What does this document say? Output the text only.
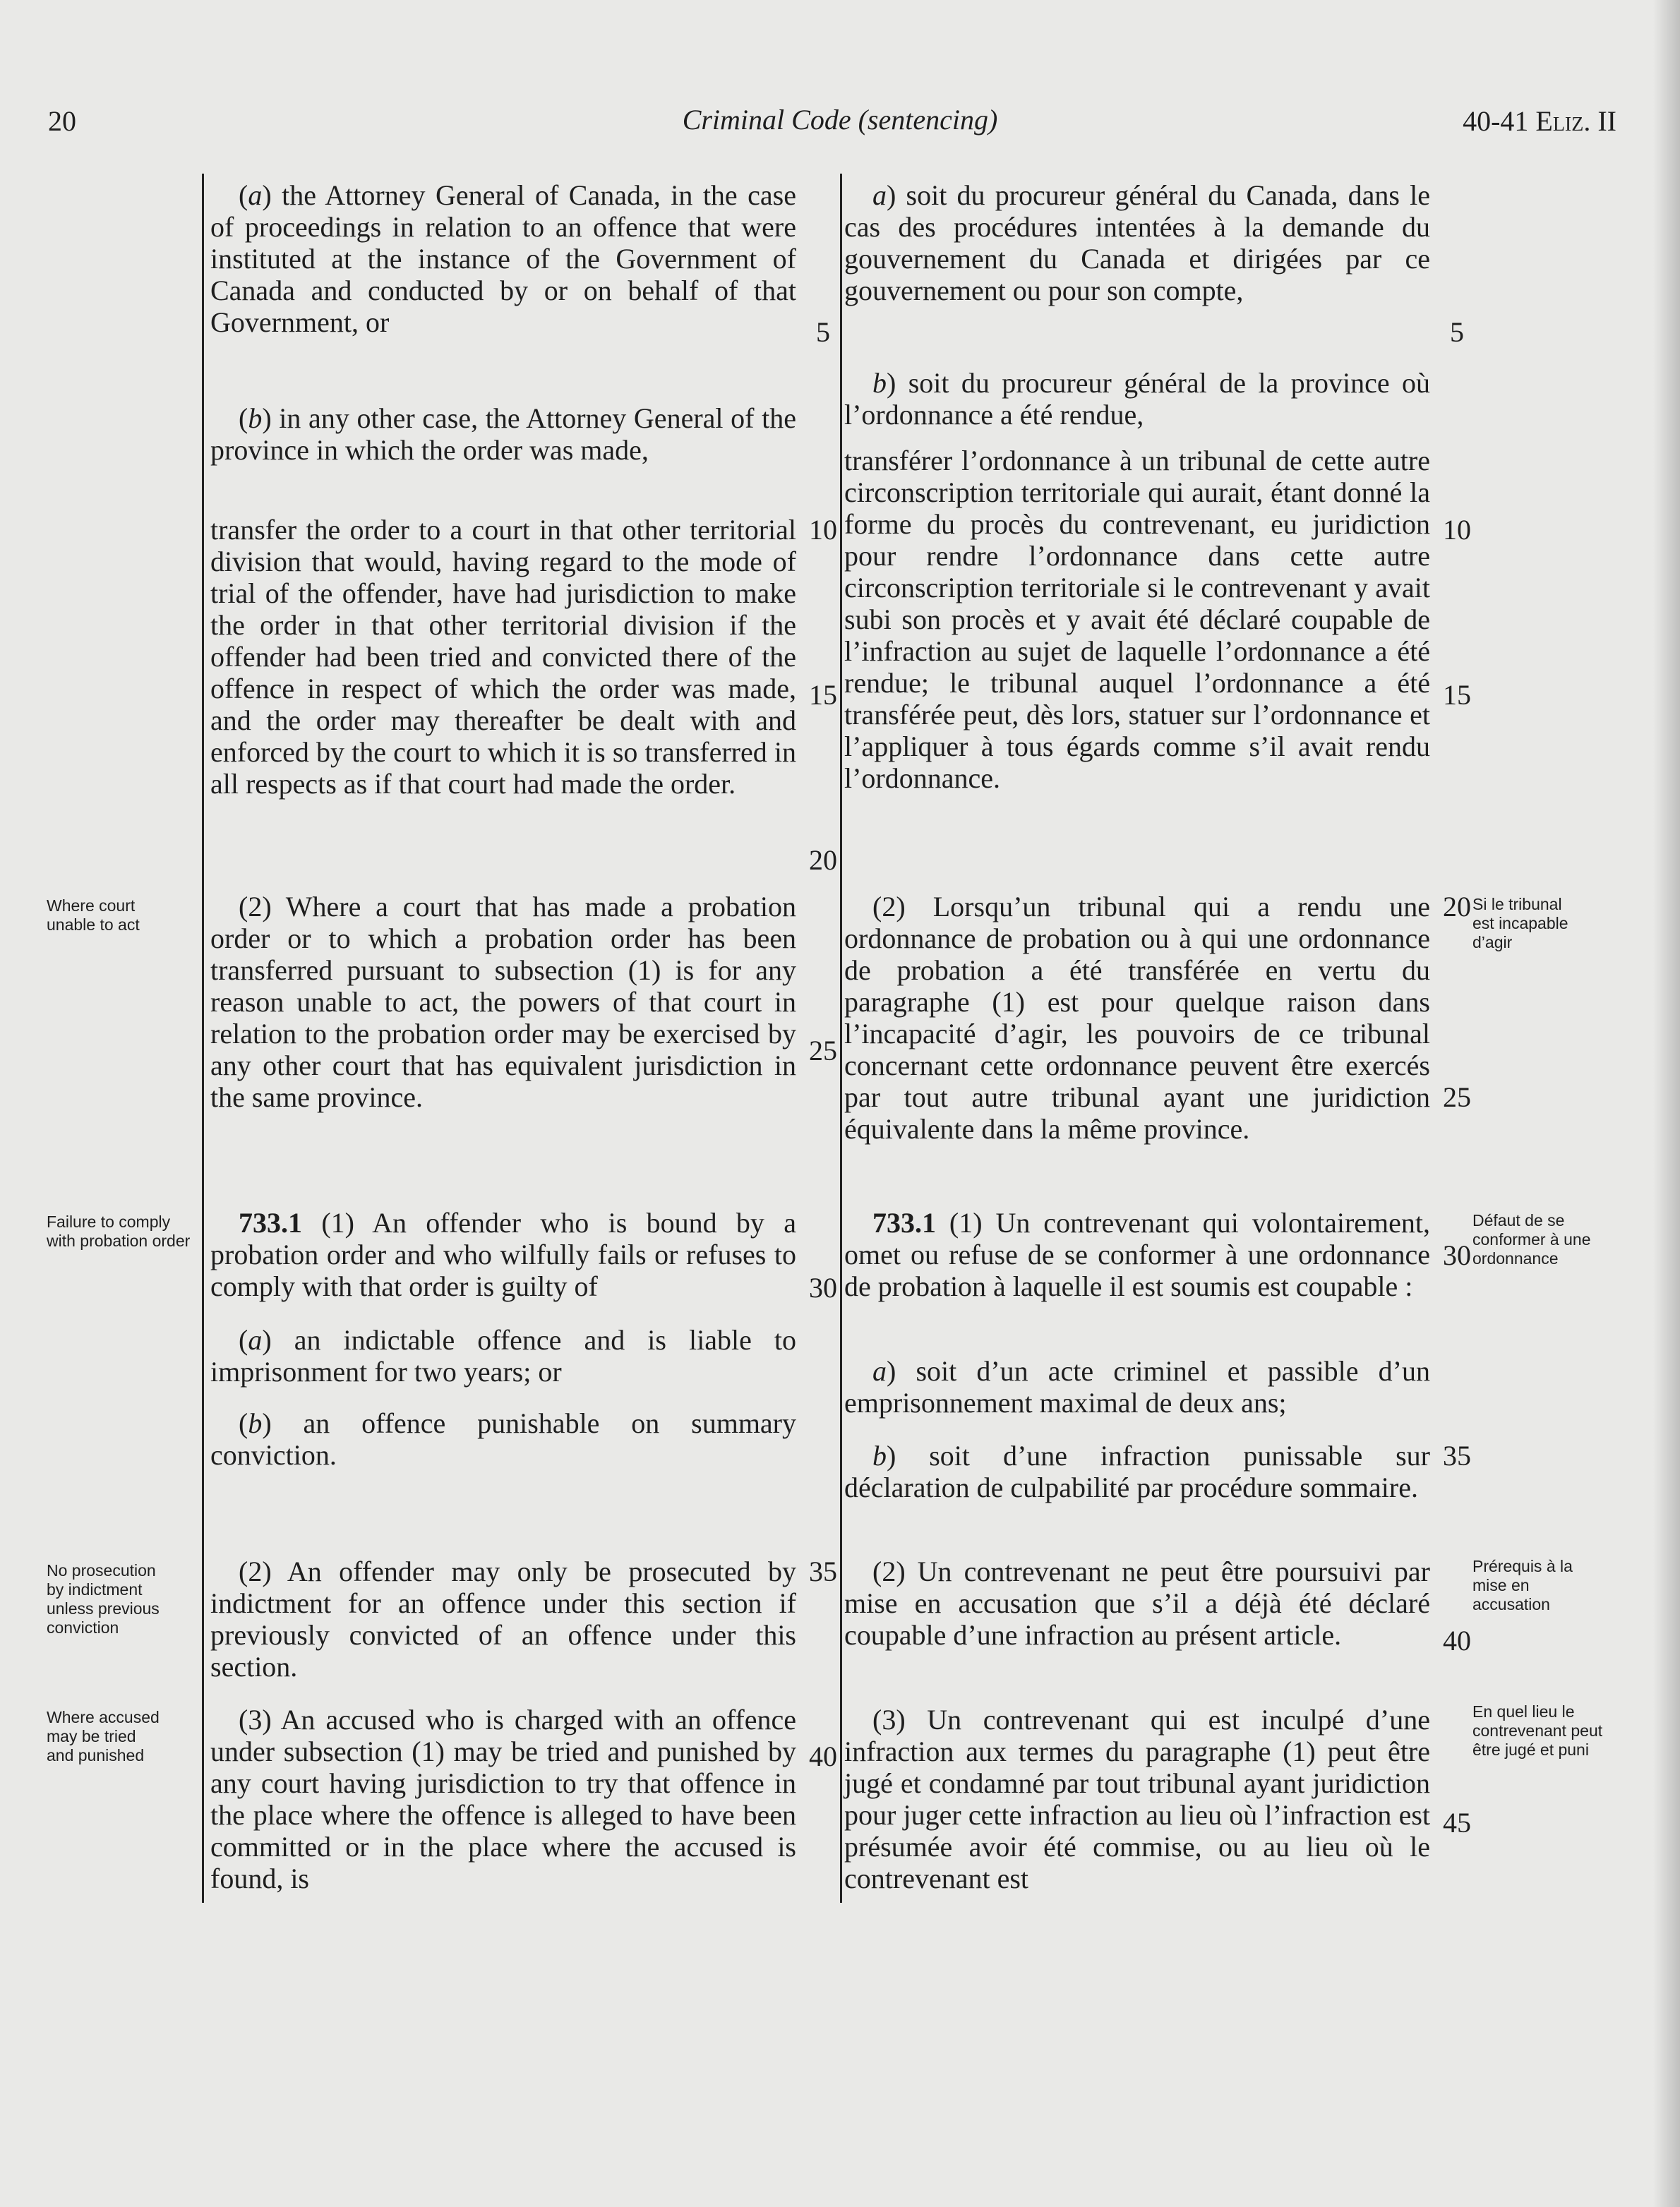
20	Criminal Code (sentencing)	40-41 Eliz. II

(a) the Attorney General of Canada, in the case of proceedings in relation to an offence that were instituted at the instance of the Government of Canada and conducted by or on behalf of that Government, or

(b) in any other case, the Attorney General of the province in which the order was made,

transfer the order to a court in that other territorial division that would, having regard to the mode of trial of the offender, have had jurisdiction to make the order in that other territorial division if the offender had been tried and convicted there of the offence in respect of which the order was made, and the order may thereafter be dealt with and enforced by the court to which it is so transferred in all respects as if that court had made the order.

(2) Where a court that has made a probation order or to which a probation order has been transferred pursuant to subsection (1) is for any reason unable to act, the powers of that court in relation to the probation order may be exercised by any other court that has equivalent jurisdiction in the same province.

733.1 (1) An offender who is bound by a probation order and who wilfully fails or refuses to comply with that order is guilty of

(a) an indictable offence and is liable to imprisonment for two years; or

(b) an offence punishable on summary conviction.

(2) An offender may only be prosecuted by indictment for an offence under this section if previously convicted of an offence under this section.

(3) An accused who is charged with an offence under subsection (1) may be tried and punished by any court having jurisdiction to try that offence in the place where the offence is alleged to have been committed or in the place where the accused is found, is

5
10
15
20
25
30
35
40

a) soit du procureur général du Canada, dans le cas des procédures intentées à la demande du gouvernement du Canada et dirigées par ce gouvernement ou pour son compte,

b) soit du procureur général de la province où l’ordonnance a été rendue,

transférer l’ordonnance à un tribunal de cette autre circonscription territoriale qui aurait, étant donné la forme du procès du contrevenant, eu juridiction pour rendre l’ordonnance dans cette autre circonscription territoriale si le contrevenant y avait subi son procès et y avait été déclaré coupable de l’infraction au sujet de laquelle l’ordonnance a été rendue; le tribunal auquel l’ordonnance a été transférée peut, dès lors, statuer sur l’ordonnance et l’appliquer à tous égards comme s’il avait rendu l’ordonnance.

(2) Lorsqu’un tribunal qui a rendu une ordonnance de probation ou à qui une ordonnance de probation a été transférée en vertu du paragraphe (1) est pour quelque raison dans l’incapacité d’agir, les pouvoirs de ce tribunal concernant cette ordonnance peuvent être exercés par tout autre tribunal ayant une juridiction équivalente dans la même province.

733.1 (1) Un contrevenant qui volontairement, omet ou refuse de se conformer à une ordonnance de probation à laquelle il est soumis est coupable :

a) soit d’un acte criminel et passible d’un emprisonnement maximal de deux ans;

b) soit d’une infraction punissable sur déclaration de culpabilité par procédure sommaire.

(2) Un contrevenant ne peut être poursuivi par mise en accusation que s’il a déjà été déclaré coupable d’une infraction au présent article.

(3) Un contrevenant qui est inculpé d’une infraction aux termes du paragraphe (1) peut être jugé et condamné par tout tribunal ayant juridiction pour juger cette infraction au lieu où l’infraction est présumée avoir été commise, ou au lieu où le contrevenant est

5
10
15
20
25
30
35
40
45
Where court unable to act
Failure to comply with probation order
No prosecution by indictment unless previous conviction
Where accused may be tried and punished
Si le tribunal est incapable d’agir
Défaut de se conformer à une ordonnance
Prérequis à la mise en accusation
En quel lieu le contrevenant peut être jugé et puni
